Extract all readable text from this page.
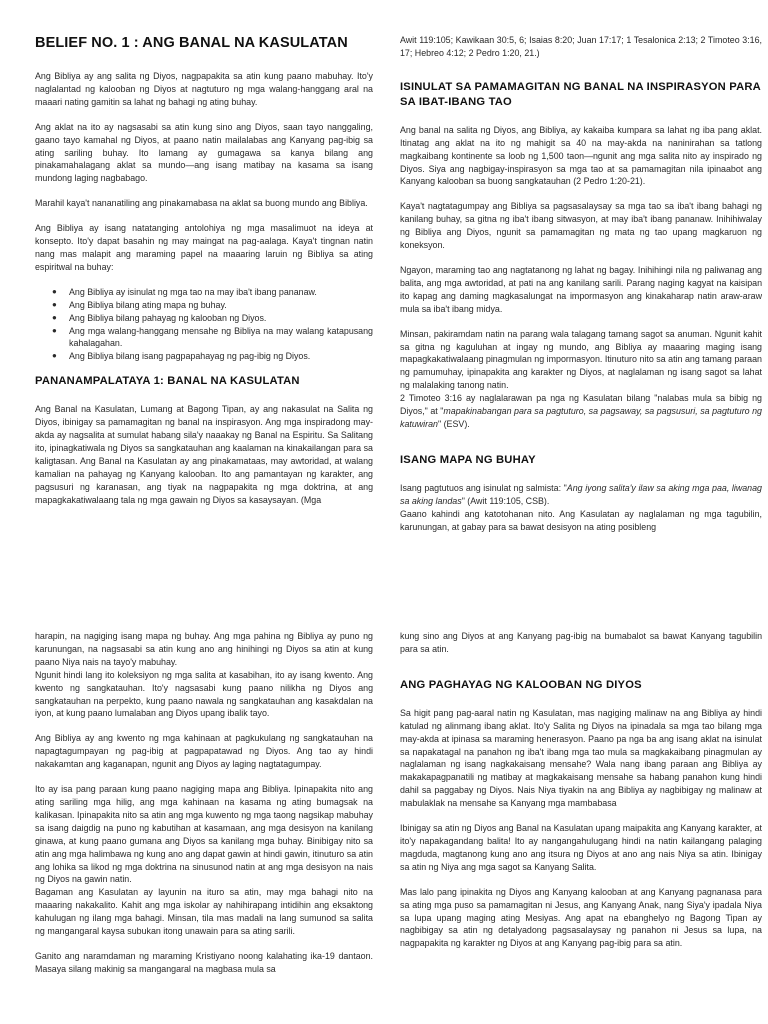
BELIEF NO. 1 : ANG BANAL NA KASULATAN

Ang Bibliya ay ang salita ng Diyos, nagpapakita sa atin kung paano mabuhay. Ito'y naglalantad ng kalooban ng Diyos at nagtuturo ng mga walang-hanggang aral na maaari nating gamitin sa lahat ng bahagi ng ating buhay.

Ang aklat na ito ay nagsasabi sa atin kung sino ang Diyos, saan tayo nanggaling, gaano tayo kamahal ng Diyos, at paano natin mailalabas ang Kanyang pag-ibig sa ating sariling buhay. Ito lamang ay gumagawa sa kanya bilang ang pinakamahalagang aklat sa mundo—ang isang matibay na kasama sa isang mundong laging nagbabago.

Marahil kaya't nananatiling ang pinakamabasa na aklat sa buong mundo ang Bibliya.

Ang Bibliya ay isang natatanging antolohiya ng mga masalimuot na ideya at konsepto. Ito'y dapat basahin ng may maingat na pag-aalaga. Kaya't tingnan natin nang mas malapit ang maraming papel na maaaring laruin ng Bibliya sa ating espiritwal na buhay:

● Ang Bibliya ay isinulat ng mga tao na may iba't ibang pananaw.
● Ang Bibliya bilang ating mapa ng buhay.
● Ang Bibliya bilang pahayag ng kalooban ng Diyos.
● Ang mga walang-hanggang mensahe ng Bibliya na may walang katapusang kahalagahan.
● Ang Bibliya bilang isang pagpapahayag ng pag-ibig ng Diyos.
PANANAMPALATAYA 1: BANAL NA KASULATAN

Ang Banal na Kasulatan, Lumang at Bagong Tipan, ay ang nakasulat na Salita ng Diyos, ibinigay sa pamamagitan ng banal na inspirasyon. Ang mga inspiradong may-akda ay nagsalita at sumulat habang sila'y naaakay ng Banal na Espiritu. Sa Salitang ito, ipinagkatiwala ng Diyos sa sangkatauhan ang kaalaman na kinakailangan para sa kaligtasan. Ang Banal na Kasulatan ay ang pinakamataas, may awtoridad, at walang kamalian na pahayag ng Kanyang kalooban. Ito ang pamantayan ng karakter, ang pagsusuri ng karanasan, ang tiyak na nagpapakita ng mga doktrina, at ang mapagkakatiwalaang tala ng mga gawain ng Diyos sa kasaysayan. (Mga

Awit 119:105; Kawikaan 30:5, 6; Isaias 8:20; Juan 17:17; 1 Tesalonica 2:13; 2 Timoteo 3:16, 17; Hebreo 4:12; 2 Pedro 1:20, 21.)

ISINULAT SA PAMAMAGITAN NG BANAL NA INSPIRASYON PARA SA IBAT-IBANG TAO

Ang banal na salita ng Diyos, ang Bibliya, ay kakaiba kumpara sa lahat ng iba pang aklat. Itinatag ang aklat na ito ng mahigit sa 40 na may-akda na naninirahan sa tatlong magkaibang kontinente sa loob ng 1,500 taon—ngunit ang mga salita nito ay inspirado ng Diyos. Siya ang nagbigay-inspirasyon sa mga tao at sa pamamagitan nila ipinaabot ang Kanyang kalooban sa buong sangkatauhan (2 Pedro 1:20-21).

Kaya't nagtatagumpay ang Bibliya sa pagsasalaysay sa mga tao sa iba't ibang bahagi ng kanilang buhay, sa gitna ng iba't ibang sitwasyon, at may iba't ibang pananaw. Inihihiwalay ng Bibliya ang Diyos, ngunit sa pamamagitan ng mata ng tao upang magkaruon ng koneksyon.

Ngayon, maraming tao ang nagtatanong ng lahat ng bagay. Inihihingi nila ng paliwanag ang balita, ang mga awtoridad, at pati na ang kanilang sarili. Parang naging kagyat na kaisipan ito kapag ang daming magkasalungat na impormasyon ang kinakaharap natin araw-araw mula sa iba't ibang midya.

Minsan, pakiramdam natin na parang wala talagang tamang sagot sa anuman. Ngunit kahit sa gitna ng kaguluhan at ingay ng mundo, ang Bibliya ay maaaring maging isang mapagkakatiwalaang pinagmulan ng impormasyon. Itinuturo nito sa atin ang tamang paraan ng pamumuhay, ipinapakita ang karakter ng Diyos, at naglalaman ng isang sagot sa lahat ng malalaking tanong natin.

2 Timoteo 3:16 ay naglalarawan pa nga ng Kasulatan bilang "nalabas mula sa bibig ng Diyos," at "mapakinabangan para sa pagtuturo, sa pagsaway, sa pagsusuri, sa pagtuturo ng katuwiran" (ESV).

ISANG MAPA NG BUHAY

Isang pagtutuos ang isinulat ng salmista: "Ang iyong salita'y ilaw sa aking mga paa, liwanag sa aking landas" (Awit 119:105, CSB).

Gaano kahindi ang katotohanan nito. Ang Kasulatan ay naglalaman ng mga tagubilin, karunungan, at gabay para sa bawat desisyon na ating posibleng

harapin, na nagiging isang mapa ng buhay. Ang mga pahina ng Bibliya ay puno ng karunungan, na nagsasabi sa atin kung ano ang hinihingi ng Diyos sa atin at kung paano Niya nais na tayo'y mabuhay.

Ngunit hindi lang ito koleksiyon ng mga salita at kasabihan, ito ay isang kwento. Ang kwento ng sangkatauhan. Ito'y nagsasabi kung paano nilikha ng Diyos ang sangkatauhan na perpekto, kung paano nawala ng sangkatauhan ang kasakdalan na iyon, at kung paano lumalaban ang Diyos upang ibalik tayo.

Ang Bibliya ay ang kwento ng mga kahinaan at pagkukulang ng sangkatauhan na napagtagumpayan ng pag-ibig at pagpapatawad ng Diyos. Ang tao ay hindi nakakamtan ang kaganapan, ngunit ang Diyos ay laging nagtatagumpay.

Ito ay isa pang paraan kung paano nagiging mapa ang Bibliya. Ipinapakita nito ang ating sariling mga hilig, ang mga kahinaan na kasama ng ating bumagsak na kalikasan. Ipinapakita nito sa atin ang mga kuwento ng mga taong nagsikap mabuhay sa isang daigdig na puno ng kabutihan at kasamaan, ang mga desisyon na kanilang ginawa, at kung paano gumana ang Diyos sa kanilang mga buhay. Binibigay nito sa atin ang mga halimbawa ng kung ano ang dapat gawin at hindi gawin, itinuturo sa atin ang lohika sa likod ng mga doktrina na sinusunod natin at ang mga desisyon na nais ng Diyos na gawin natin.

Bagaman ang Kasulatan ay layunin na ituro sa atin, may mga bahagi nito na maaaring nakakalito. Kahit ang mga iskolar ay nahihirapang intidihin ang eksaktong kahulugan ng ilang mga bahagi. Minsan, tila mas madali na lang sumunod sa salita ng mangangaral kaysa subukan itong unawain para sa ating sarili.

Ganito ang naramdaman ng maraming Kristiyano noong kalahating ika-19 dantaon. Masaya silang makinig sa mangangaral na magbasa mula sa

kung sino ang Diyos at ang Kanyang pag-ibig na bumabalot sa bawat Kanyang tagubilin para sa atin.

ANG PAGHAYAG NG KALOOBAN NG DIYOS

Sa higit pang pag-aaral natin ng Kasulatan, mas nagiging malinaw na ang Bibliya ay hindi katulad ng alinmang ibang aklat. Ito'y Salita ng Diyos na ipinadala sa mga tao bilang mga may-akda at ipinasa sa maraming henerasyon. Paano pa nga ba ang isang aklat na isinulat sa napakatagal na panahon ng iba't ibang mga tao mula sa magkakaibang pinagmulan ay naglalaman ng isang nagkakaisang mensahe? Wala nang ibang paraan ang Bibliya ay makakapagpanatili ng matibay at magkakaisang mensahe sa habang panahon kung hindi dahil sa paggabay ng Diyos. Nais Niya tiyakin na ang Bibliya ay nagbibigay ng malinaw at mabulaklak na mensahe sa Kanyang mga mambabasa

Ibinigay sa atin ng Diyos ang Banal na Kasulatan upang maipakita ang Kanyang karakter, at ito'y napakagandang balita! Ito ay nangangahulugang hindi na natin kailangang palaging magduda, magtanong kung ano ang itsura ng Diyos at ano ang nais Niya sa atin. Ibinigay sa atin ng Niya ang mga sagot sa Kanyang Salita.

Mas lalo pang ipinakita ng Diyos ang Kanyang kalooban at ang Kanyang pagnanasa para sa ating mga puso sa pamamagitan ni Jesus, ang Kanyang Anak, nang Siya'y ipadala Niya sa lupa upang maging ating Mesiyas. Ang apat na ebanghelyo ng Bagong Tipan ay nagbibigay sa atin ng detalyadong pagsasalaysay ng panahon ni Jesus sa lupa, na nagpapakita ng karakter ng Diyos at ang Kanyang pag-ibig para sa atin.
